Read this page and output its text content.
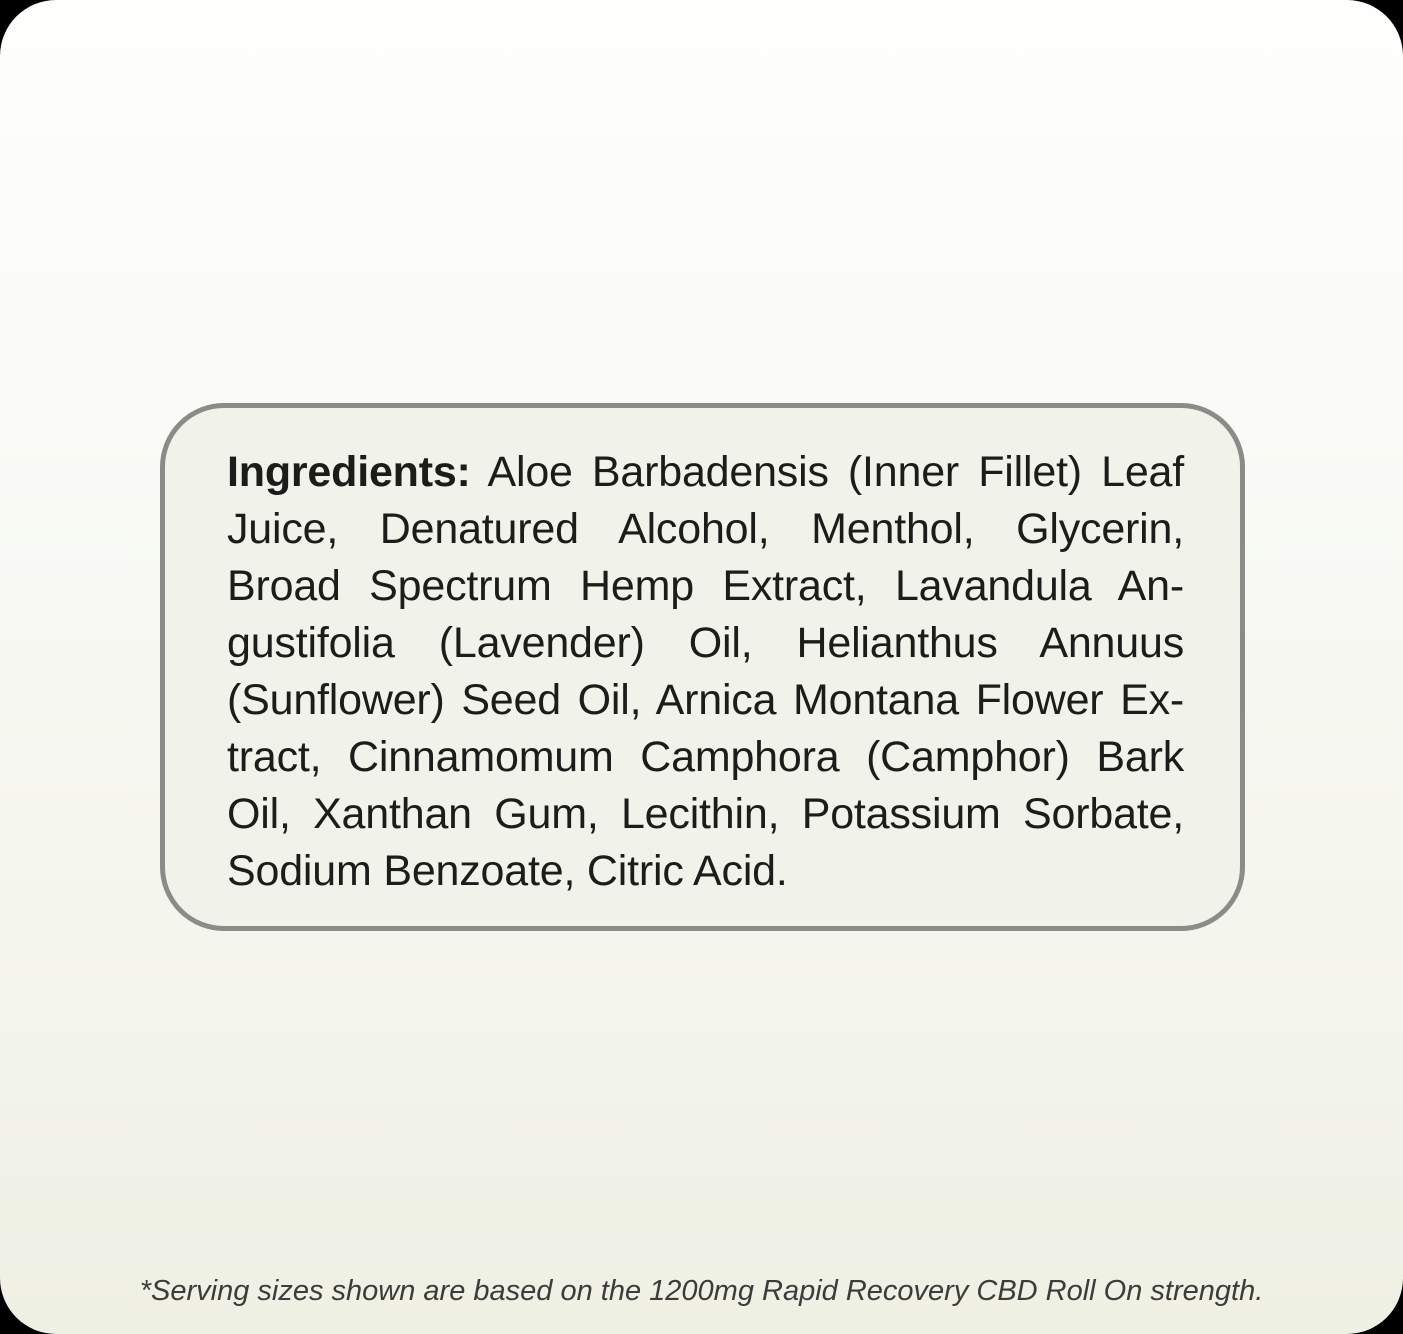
Ingredients: Aloe Barbadensis (Inner Fillet) Leaf

Juice, Denatured Alcohol, Menthol, Glycerin,

Broad Spectrum Hemp Extract, Lavandula An-

gustifolia (Lavender) Oil, Helianthus Annuus

(Sunflower) Seed Oil, Arnica Montana Flower Ex-

tract, Cinnamomum Camphora (Camphor) Bark

Oil, Xanthan Gum, Lecithin, Potassium Sorbate,

Sodium Benzoate, Citric Acid.

*Serving sizes shown are based on the 1200mg Rapid Recovery CBD Roll On strength.
